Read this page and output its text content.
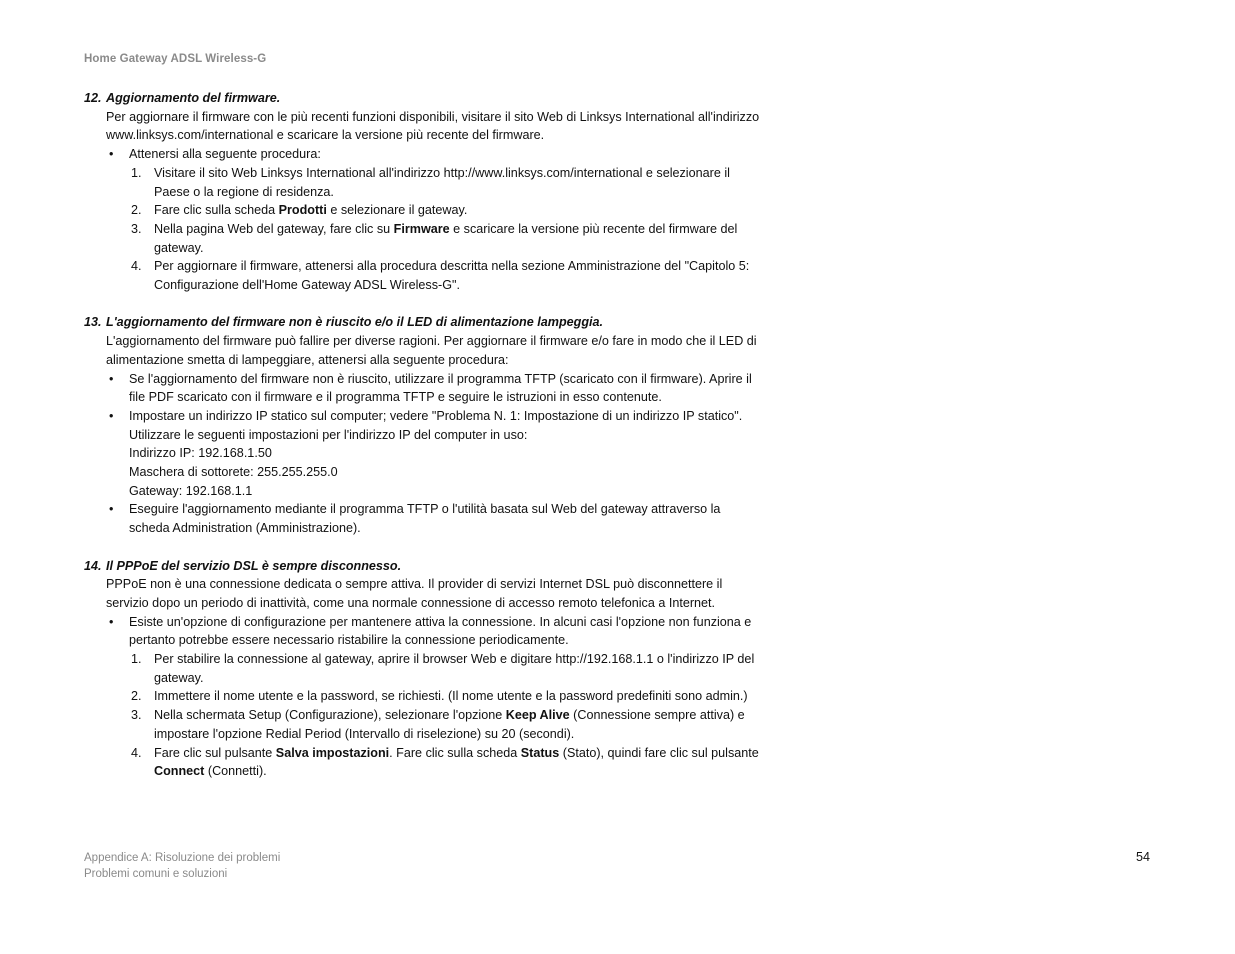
Home Gateway ADSL Wireless-G
12. Aggiornamento del firmware.

Per aggiornare il firmware con le più recenti funzioni disponibili, visitare il sito Web di Linksys International all'indirizzo www.linksys.com/international e scaricare la versione più recente del firmware.

•	Attenersi alla seguente procedura:
1. Visitare il sito Web Linksys International all'indirizzo http://www.linksys.com/international e selezionare il Paese o la regione di residenza.
2. Fare clic sulla scheda Prodotti e selezionare il gateway.
3. Nella pagina Web del gateway, fare clic su Firmware e scaricare la versione più recente del firmware del gateway.
4. Per aggiornare il firmware, attenersi alla procedura descritta nella sezione Amministrazione del "Capitolo 5: Configurazione dell'Home Gateway ADSL Wireless-G".
13. L'aggiornamento del firmware non è riuscito e/o il LED di alimentazione lampeggia.

L'aggiornamento del firmware può fallire per diverse ragioni. Per aggiornare il firmware e/o fare in modo che il LED di alimentazione smetta di lampeggiare, attenersi alla seguente procedura:

•	Se l'aggiornamento del firmware non è riuscito, utilizzare il programma TFTP (scaricato con il firmware). Aprire il file PDF scaricato con il firmware e il programma TFTP e seguire le istruzioni in esso contenute.
•	Impostare un indirizzo IP statico sul computer; vedere "Problema N. 1: Impostazione di un indirizzo IP statico". Utilizzare le seguenti impostazioni per l'indirizzo IP del computer in uso:
Indirizzo IP: 192.168.1.50
Maschera di sottorete: 255.255.255.0
Gateway: 192.168.1.1
•	Eseguire l'aggiornamento mediante il programma TFTP o l'utilità basata sul Web del gateway attraverso la scheda Administration (Amministrazione).
14. Il PPPoE del servizio DSL è sempre disconnesso.

PPPoE non è una connessione dedicata o sempre attiva. Il provider di servizi Internet DSL può disconnettere il servizio dopo un periodo di inattività, come una normale connessione di accesso remoto telefonica a Internet.

•	Esiste un'opzione di configurazione per mantenere attiva la connessione. In alcuni casi l'opzione non funziona e pertanto potrebbe essere necessario ristabilire la connessione periodicamente.
1. Per stabilire la connessione al gateway, aprire il browser Web e digitare http://192.168.1.1 o l'indirizzo IP del gateway.
2. Immettere il nome utente e la password, se richiesti. (Il nome utente e la password predefiniti sono admin.)
3. Nella schermata Setup (Configurazione), selezionare l'opzione Keep Alive (Connessione sempre attiva) e impostare l'opzione Redial Period (Intervallo di riselezione) su 20 (secondi).
4. Fare clic sul pulsante Salva impostazioni. Fare clic sulla scheda Status (Stato), quindi fare clic sul pulsante Connect (Connetti).
Appendice A: Risoluzione dei problemi
Problemi comuni e soluzioni
54
